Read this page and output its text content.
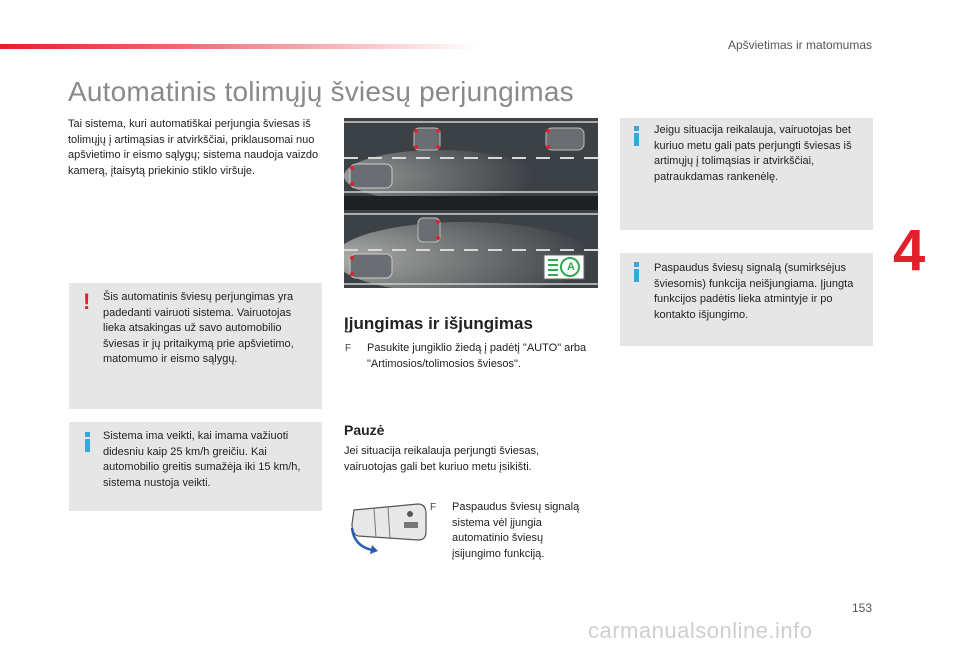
Apšvietimas ir matomumas
4
Automatinis tolimųjų šviesų perjungimas

Tai sistema, kuri automatiškai perjungia šviesas iš tolimųjų į artimąsias ir atvirkščiai, priklausomai nuo apšvietimo ir eismo sąlygų; sistema naudoja vaizdo kamerą, įtaisytą priekinio stiklo viršuje.

! Šis automatinis šviesų perjungimas yra padedanti vairuoti sistema. Vairuotojas lieka atsakingas už savo automobilio šviesas ir jų pritaikymą prie apšvietimo, matomumo ir eismo sąlygų.

Sistema ima veikti, kai imama važiuoti didesniu kaip 25 km/h greičiu. Kai automobilio greitis sumažėja iki 15 km/h, sistema nustoja veikti.

A
Įjungimas ir išjungimas
F Pasukite jungiklio žiedą į padėtį "AUTO" arba "Artimosios/tolimosios šviesos".

Pauzė

Jei situacija reikalauja perjungti šviesas, vairuotojas gali bet kuriuo metu įsikišti.

F Paspaudus šviesų signalą sistema vėl įjungia automatinio šviesų įsijungimo funkciją.

Jeigu situacija reikalauja, vairuotojas bet kuriuo metu gali pats perjungti šviesas iš artimųjų į tolimąsias ir atvirkščiai, patraukdamas rankenėlę.

Paspaudus šviesų signalą (sumirksėjus šviesomis) funkcija neišjungiama. Įjungta funkcijos padėtis lieka atmintyje ir po kontakto išjungimo.

153
carmanualsonline.info
